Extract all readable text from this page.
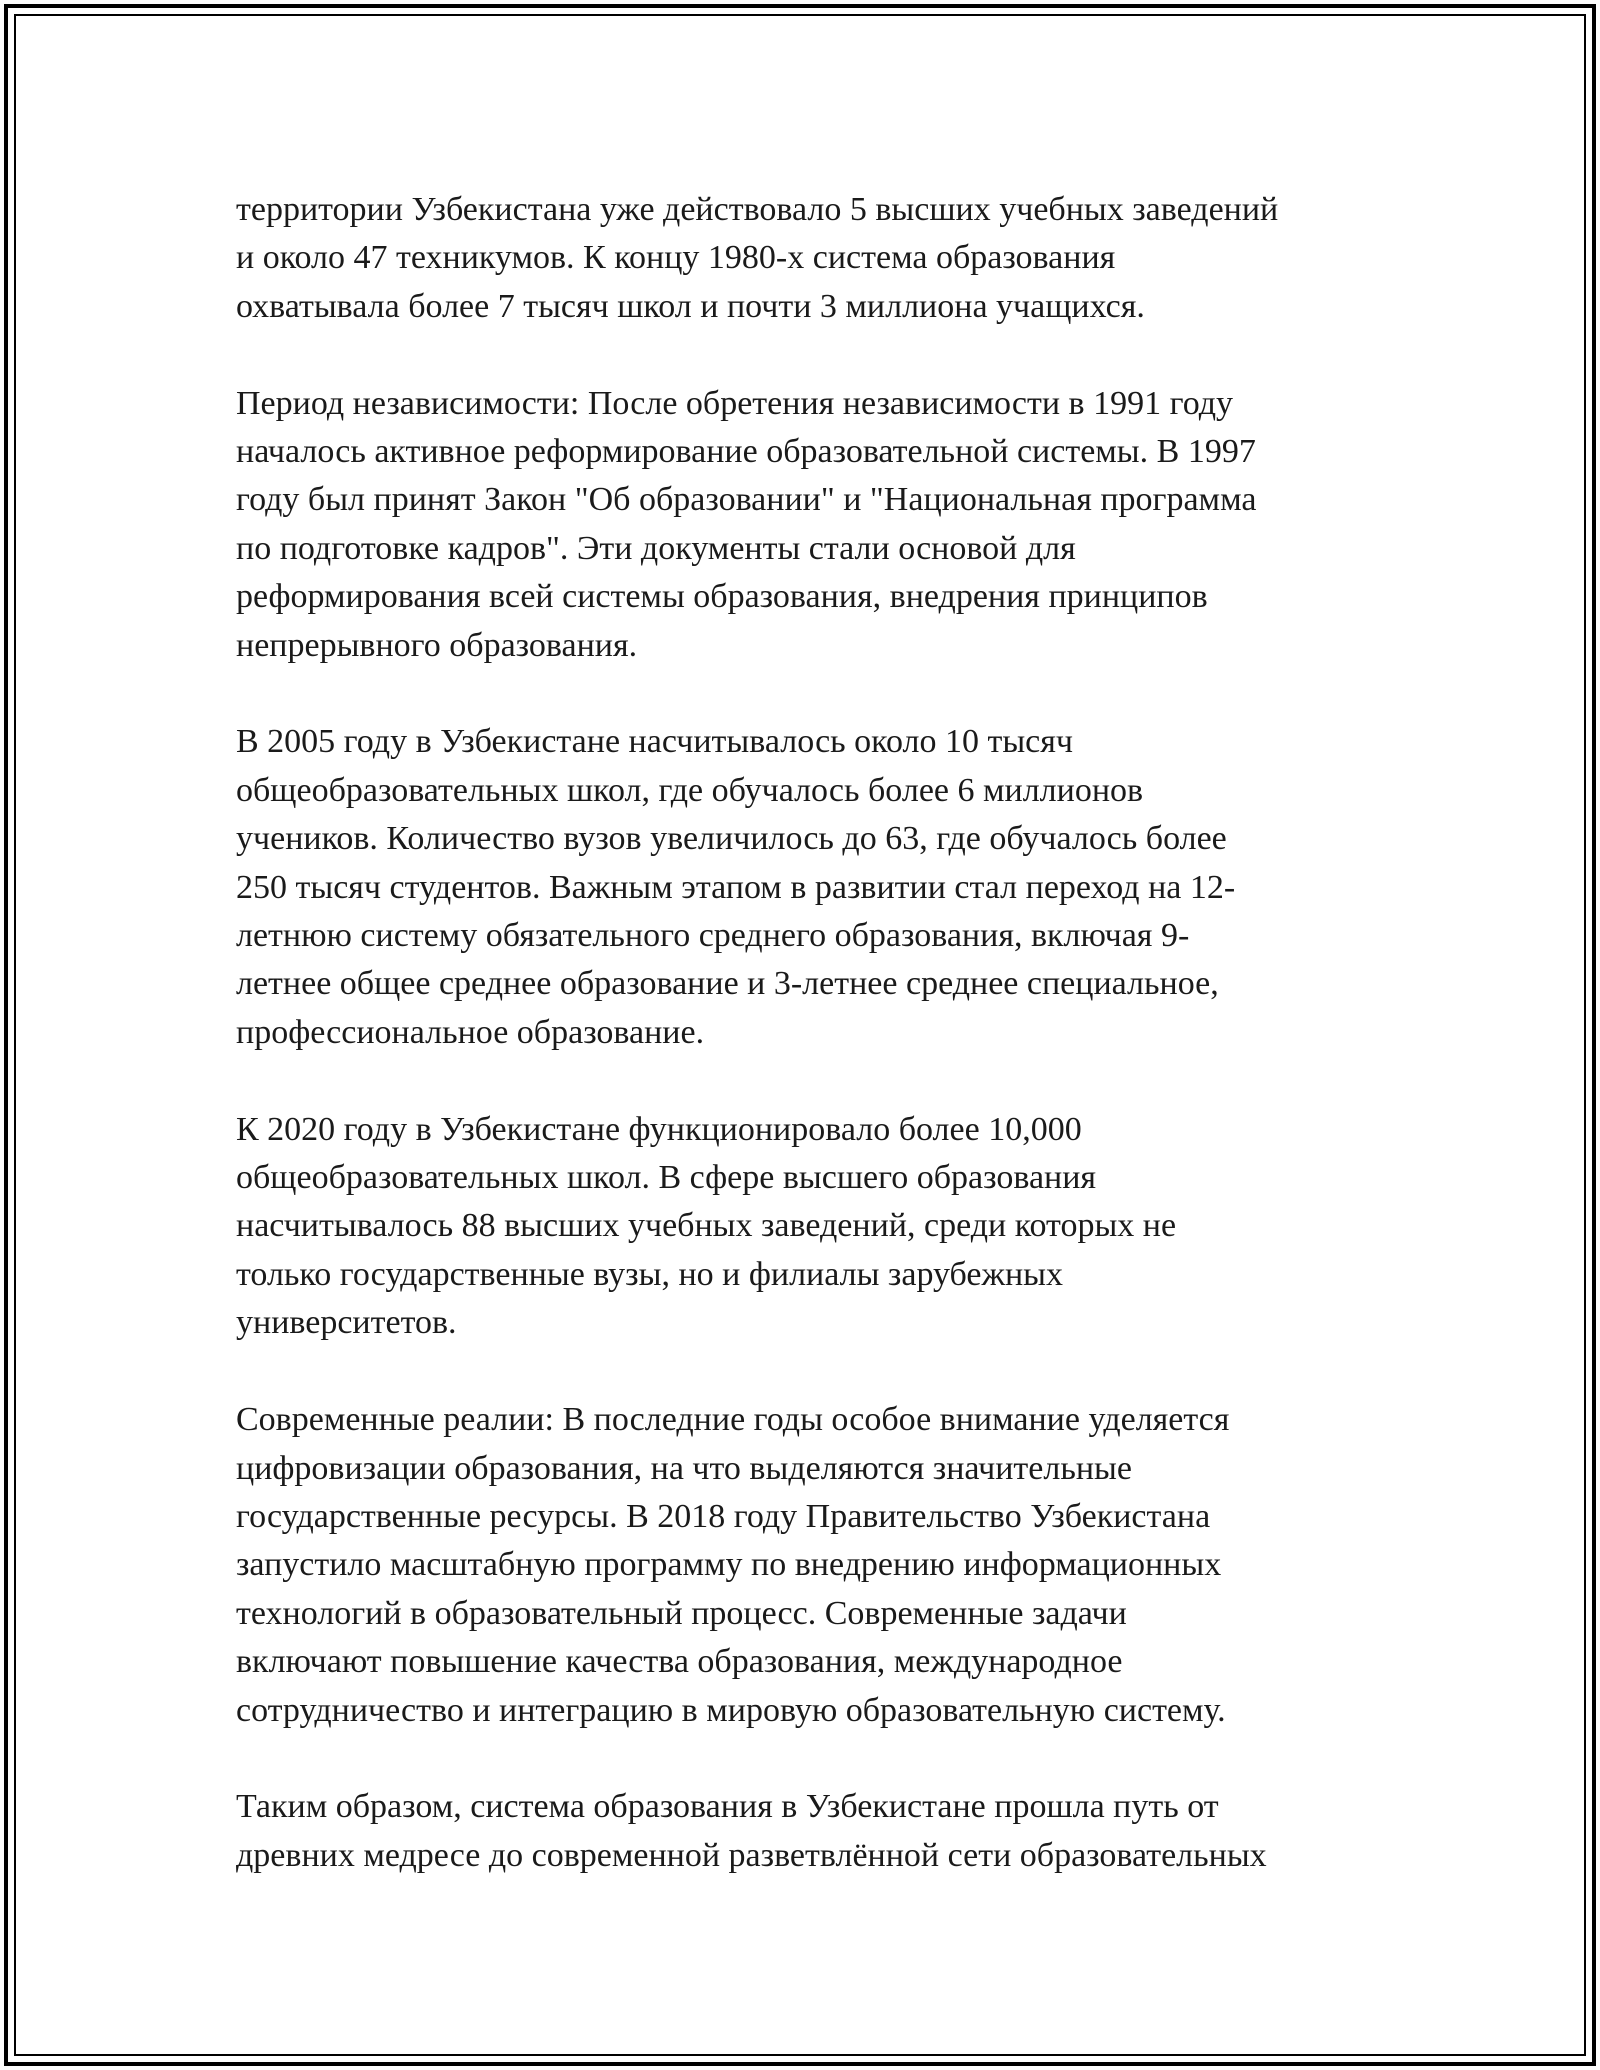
территории Узбекистана уже действовало 5 высших учебных заведений
и около 47 техникумов. К концу 1980-х система образования
охватывала более 7 тысяч школ и почти 3 миллиона учащихся.

Период независимости: После обретения независимости в 1991 году
началось активное реформирование образовательной системы. В 1997
году был принят Закон "Об образовании" и "Национальная программа
по подготовке кадров". Эти документы стали основой для
реформирования всей системы образования, внедрения принципов
непрерывного образования.

В 2005 году в Узбекистане насчитывалось около 10 тысяч
общеобразовательных школ, где обучалось более 6 миллионов
учеников. Количество вузов увеличилось до 63, где обучалось более
250 тысяч студентов. Важным этапом в развитии стал переход на 12-
летнюю систему обязательного среднего образования, включая 9-
летнее общее среднее образование и 3-летнее среднее специальное,
профессиональное образование.

К 2020 году в Узбекистане функционировало более 10,000
общеобразовательных школ. В сфере высшего образования
насчитывалось 88 высших учебных заведений, среди которых не
только государственные вузы, но и филиалы зарубежных
университетов.

Современные реалии: В последние годы особое внимание уделяется
цифровизации образования, на что выделяются значительные
государственные ресурсы. В 2018 году Правительство Узбекистана
запустило масштабную программу по внедрению информационных
технологий в образовательный процесс. Современные задачи
включают повышение качества образования, международное
сотрудничество и интеграцию в мировую образовательную систему.

Таким образом, система образования в Узбекистане прошла путь от
древних медресе до современной разветвлённой сети образовательных
